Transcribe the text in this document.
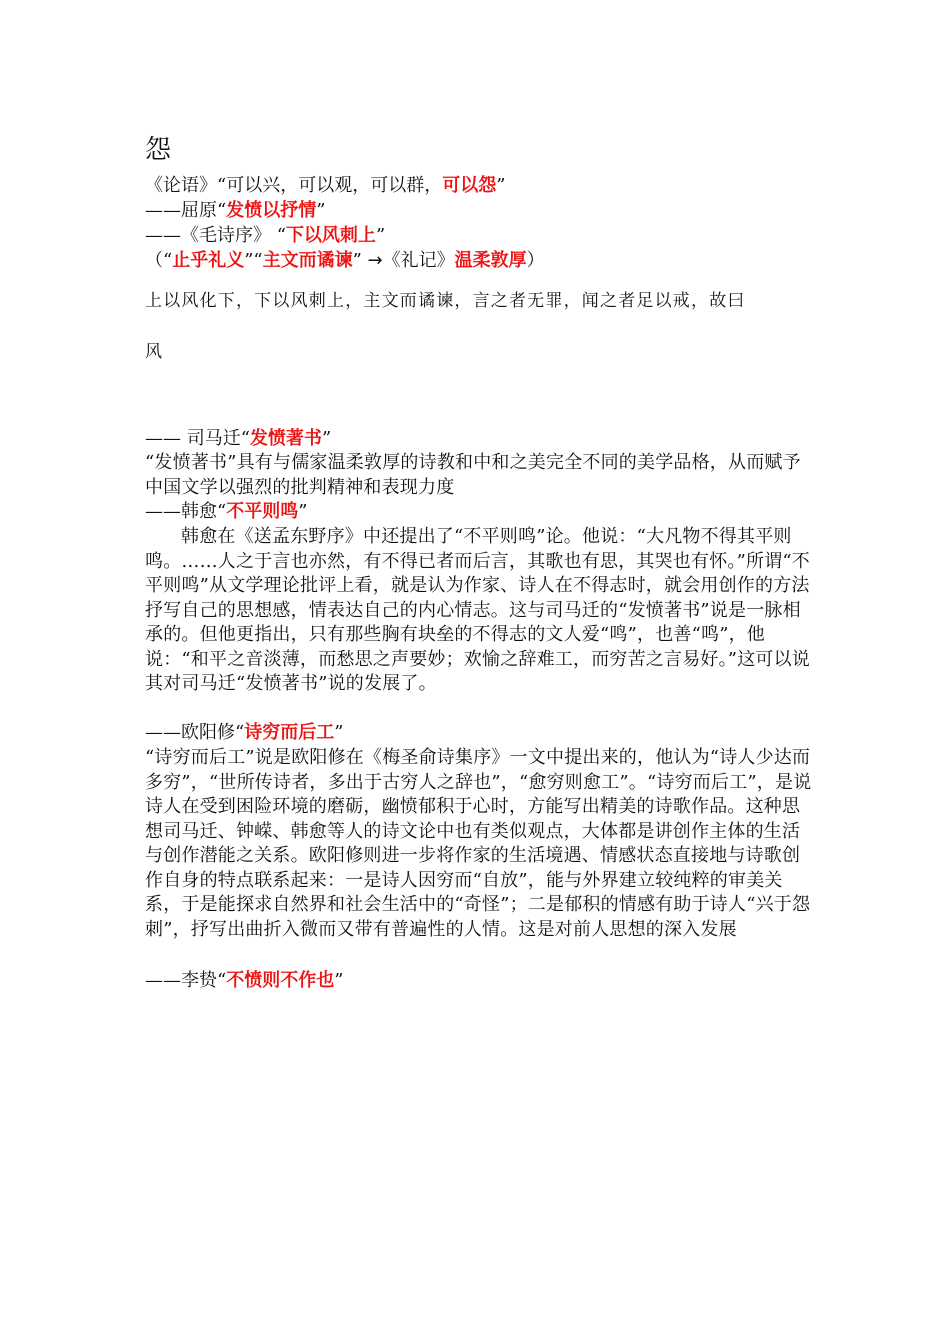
怨
《论语》“可以兴，可以观，可以群，可以怨”
——屈原“发愤以抒情”
——《毛诗序》 “下以风刺上”
（“止乎礼义”“主文而谲谏” →《礼记》温柔敦厚）
上以风化下，下以风刺上，主文而谲谏，言之者无罪，闻之者足以戒，故曰
风
—— 司马迁“发愤著书”
“发愤著书”具有与儒家温柔敦厚的诗教和中和之美完全不同的美学品格，从而赋予中国文学以强烈的批判精神和表现力度
——韩愈“不平则鸣”
韩愈在《送孟东野序》中还提出了“不平则鸣”论。他说：“大凡物不得其平则鸣。……人之于言也亦然，有不得已者而后言，其歌也有思，其哭也有怀。”所谓“不平则鸣”从文学理论批评上看，就是认为作家、诗人在不得志时，就会用创作的方法抒写自己的思想感，情表达自己的内心情志。这与司马迁的“发愤著书”说是一脉相承的。但他更指出，只有那些胸有块垒的不得志的文人爱“鸣”，也善“鸣”，他说：“和平之音淡薄，而愁思之声要妙；欢愉之辞难工，而穷苦之言易好。”这可以说其对司马迁“发愤著书”说的发展了。
——欧阳修“诗穷而后工”
“诗穷而后工”说是欧阳修在《梅圣俞诗集序》一文中提出来的，他认为“诗人少达而多穷”，“世所传诗者，多出于古穷人之辞也”，“愈穷则愈工”。“诗穷而后工”，是说诗人在受到困险环境的磨砺，幽愤郁积于心时，方能写出精美的诗歌作品。这种思想司马迁、钟嵘、韩愈等人的诗文论中也有类似观点，大体都是讲创作主体的生活与创作潜能之关系。欧阳修则进一步将作家的生活境遇、情感状态直接地与诗歌创作自身的特点联系起来：一是诗人因穷而“自放”，能与外界建立较纯粹的审美关系，于是能探求自然界和社会生活中的“奇怪”；二是郁积的情感有助于诗人“兴于怨刺”，抒写出曲折入微而又带有普遍性的人情。这是对前人思想的深入发展
——李贽“不愤则不作也”
